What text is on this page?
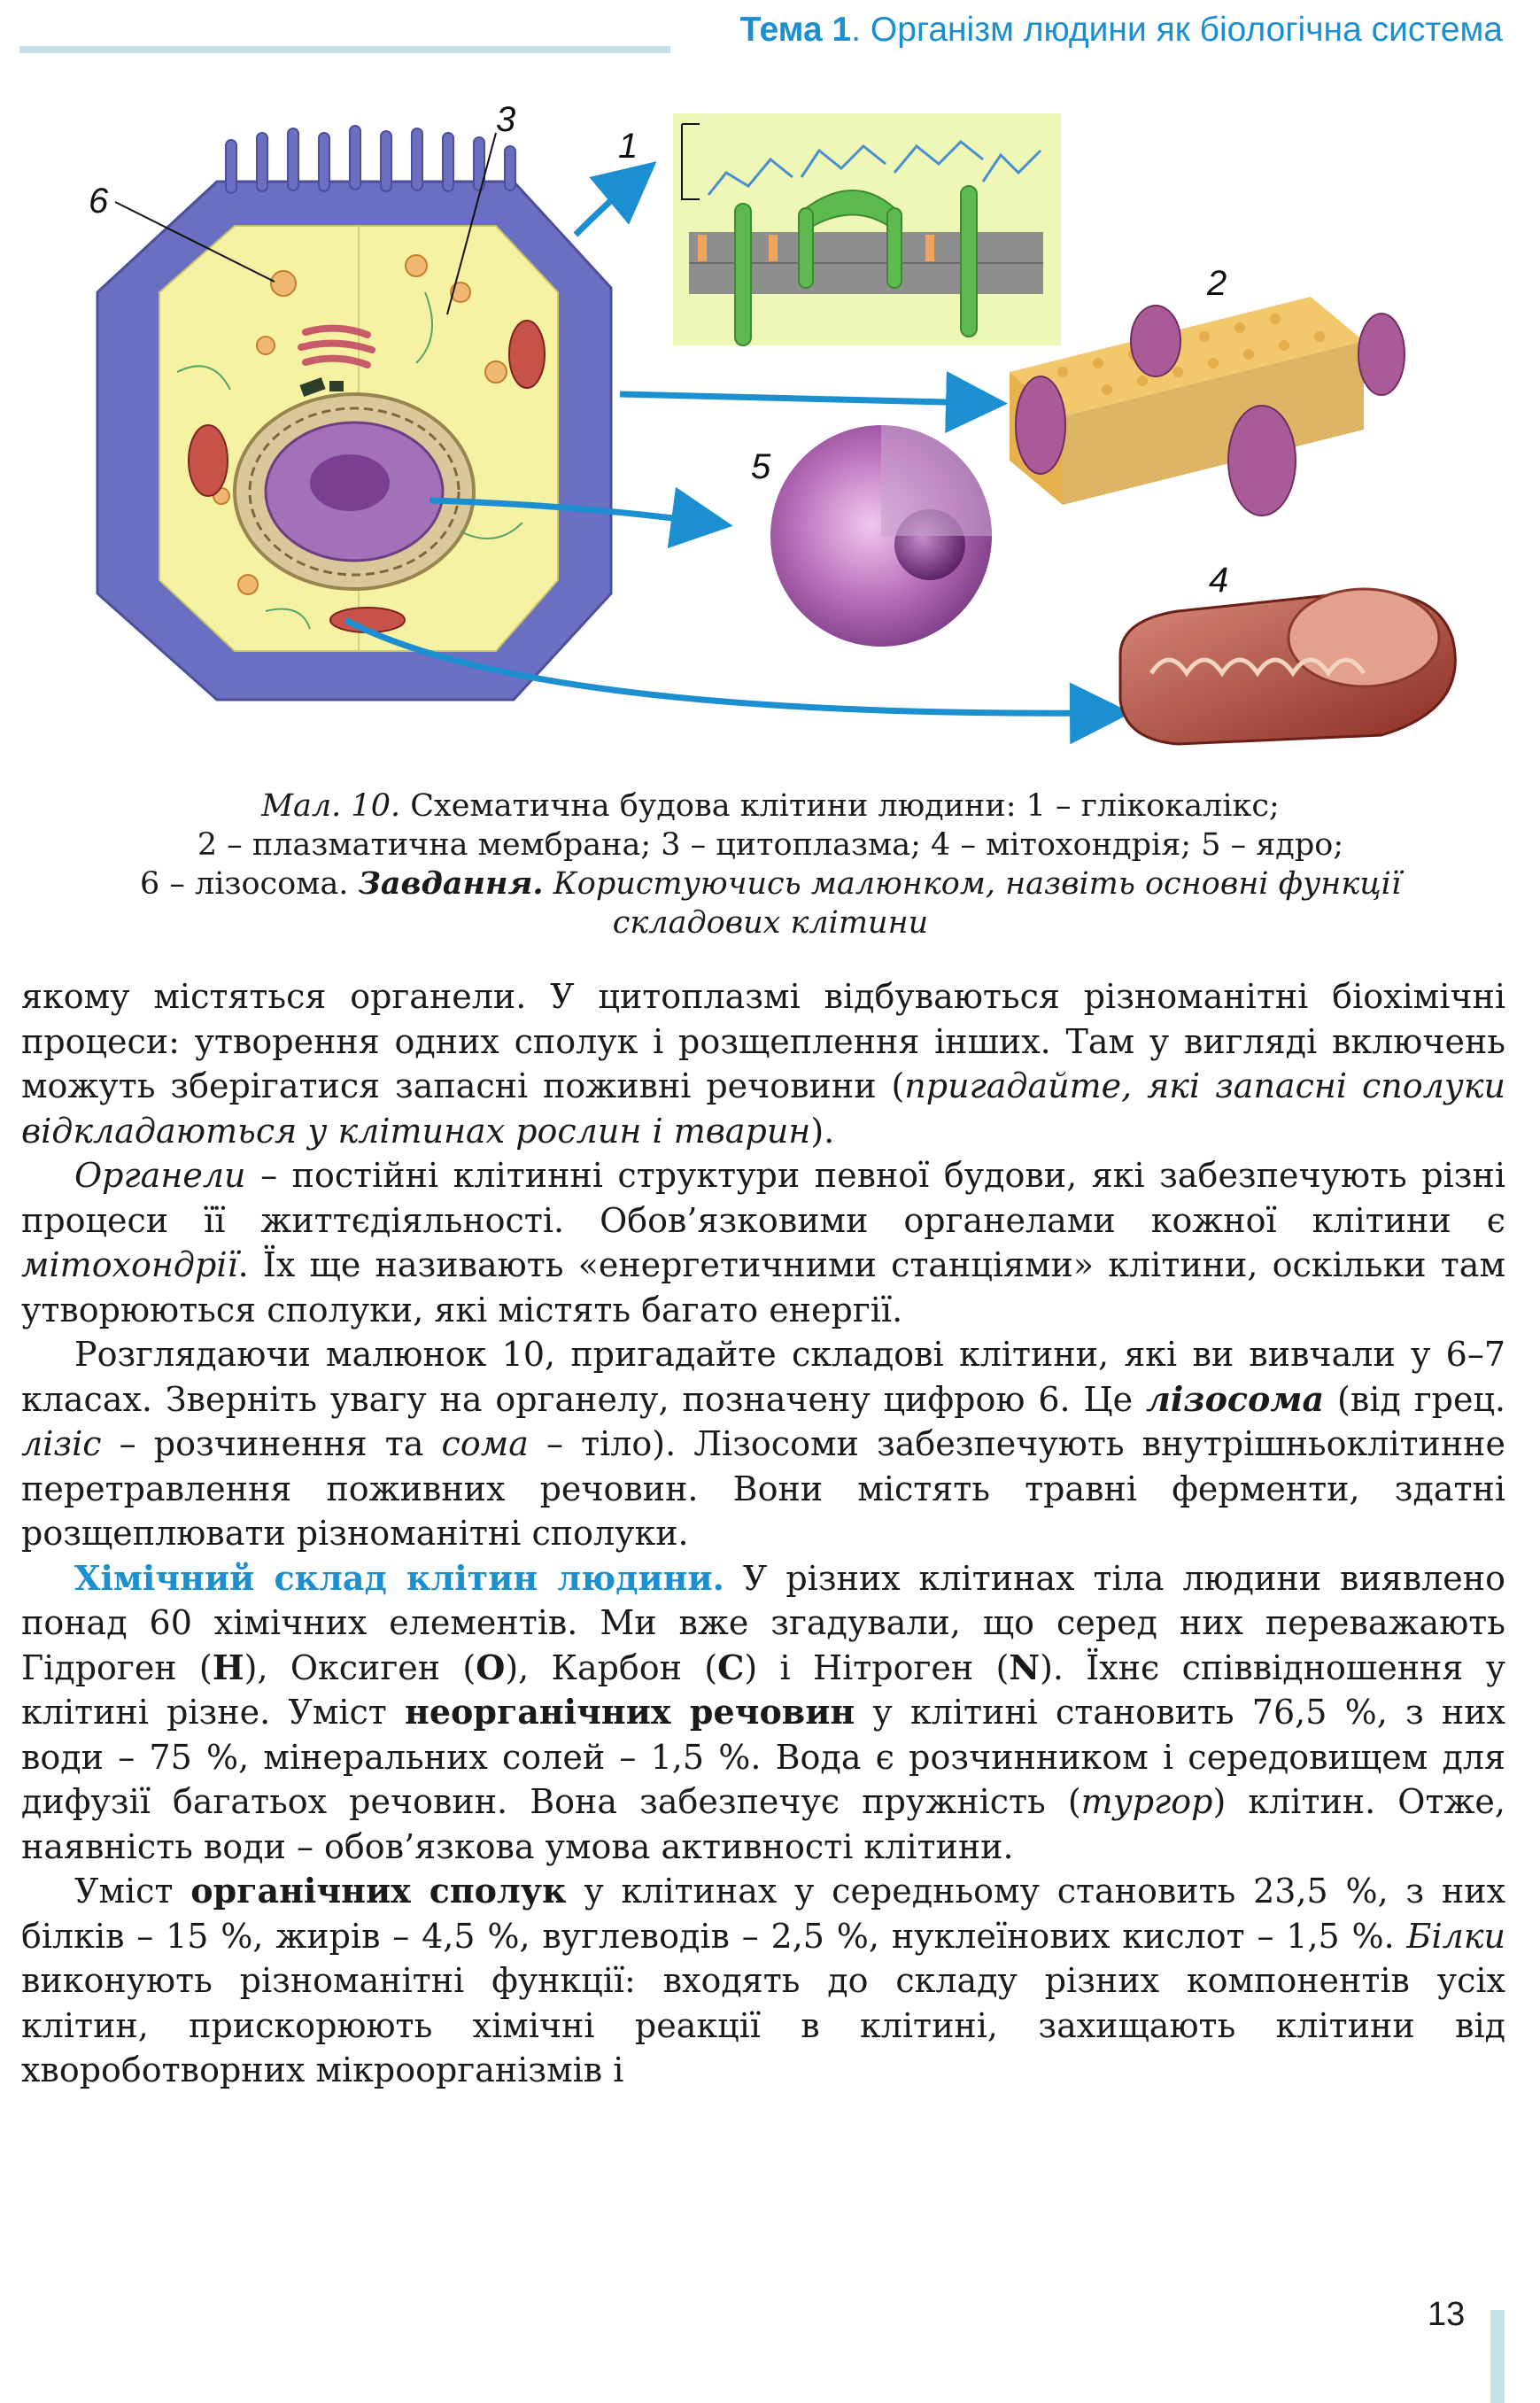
Тема 1. Організм людини як біологічна система
3
1
6
2
5
4
Мал. 10. Схематична будова клітини людини: 1 – глікокалікс;
2 – плазматична мембрана; 3 – цитоплазма; 4 – мітохондрія; 5 – ядро;
6 – лізосома. Завдання. Користуючись малюнком, назвіть основні функції
складових клітини

якому містяться органели. У цитоплазмі відбуваються різноманітні біохімічні процеси: утворення одних сполук і розщеплення інших. Там у вигляді включень можуть зберігатися запасні поживні речовини (пригадайте, які запасні сполуки відкладаються у клітинах рослин і тварин).

Органели – постійні клітинні структури певної будови, які забезпечують різні процеси її життєдіяльності. Обов’язковими органелами кожної клітини є мітохондрії. Їх ще називають «енергетичними станціями» клітини, оскільки там утворюються сполуки, які містять багато енергії.

Розглядаючи малюнок 10, пригадайте складові клітини, які ви вивчали у 6–7 класах. Зверніть увагу на органелу, позначену цифрою 6. Це лізосома (від грец. лізіс – розчинення та сома – тіло). Лізосоми забезпечують внутрішньоклітинне перетравлення поживних речовин. Вони містять травні ферменти, здатні розщеплювати різноманітні сполуки.

Хімічний склад клітин людини. У різних клітинах тіла людини виявлено понад 60 хімічних елементів. Ми вже згадували, що серед них переважають Гідроген (Н), Оксиген (О), Карбон (С) і Нітроген (N). Їхнє співвідношення у клітині різне. Уміст неорганічних речовин у клітині становить 76,5 %, з них води – 75 %, мінеральних солей – 1,5 %. Вода є розчинником і середовищем для дифузії багатьох речовин. Вона забезпечує пружність (тургор) клітин. Отже, наявність води – обов’язкова умова активності клітини.

Уміст органічних сполук у клітинах у середньому становить 23,5 %, з них білків – 15 %, жирів – 4,5 %, вуглеводів – 2,5 %, нуклеїнових кислот – 1,5 %. Білки виконують різноманітні функції: входять до складу різних компонентів усіх клітин, прискорюють хімічні реакції в клітині, захищають клітини від хвороботворних мікроорганізмів і

13
